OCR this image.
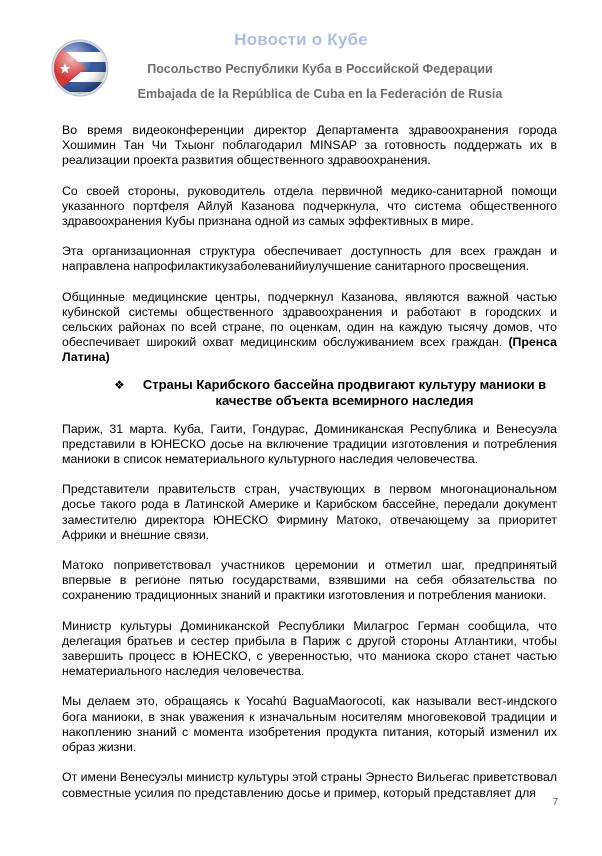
Новости о Кубе
Посольство Республики Куба в Российской Федерации
Embajada de la República de Cuba en la Federación de Rusia

Во время видеоконференции директор Департамента здравоохранения города Хошимин Тан Чи Тхыонг поблагодарил MINSAP за готовность поддержать их в реализации проекта развития общественного здравоохранения.

Со своей стороны, руководитель отдела первичной медико-санитарной помощи указанного портфеля Айлуй Казанова подчеркнула, что система общественного здравоохранения Кубы признана одной из самых эффективных в мире.

Эта организационная структура обеспечивает доступность для всех граждан и направлена напрофилактикузаболеванийиулучшение санитарного просвещения.

Общинные медицинские центры, подчеркнул Казанова, являются важной частью кубинской системы общественного здравоохранения и работают в городских и сельских районах по всей стране, по оценкам, один на каждую тысячу домов, что обеспечивает широкий охват медицинским обслуживанием всех граждан. (Пренса Латина)

❖	Страны Карибского бассейна продвигают культуру маниоки в качестве объекта всемирного наследия

Париж, 31 марта. Куба, Гаити, Гондурас, Доминиканская Республика и Венесуэла представили в ЮНЕСКО досье на включение традиции изготовления и потребления маниоки в список нематериального культурного наследия человечества.

Представители правительств стран, участвующих в первом многонациональном досье такого рода в Латинской Америке и Карибском бассейне, передали документ заместителю директора ЮНЕСКО Фирмину Матоко, отвечающему за приоритет Африки и внешние связи.

Матоко поприветствовал участников церемонии и отметил шаг, предпринятый впервые в регионе пятью государствами, взявшими на себя обязательства по сохранению традиционных знаний и практики изготовления и потребления маниоки.

Министр культуры Доминиканской Республики Милагрос Герман сообщила, что делегация братьев и сестер прибыла в Париж с другой стороны Атлантики, чтобы завершить процесс в ЮНЕСКО, с уверенностью, что маниока скоро станет частью нематериального наследия человечества.

Мы делаем это, обращаясь к Yocahú BaguaMaorocoti, как называли вест-индского бога маниоки, в знак уважения к изначальным носителям многовековой традиции и накоплению знаний с момента изобретения продукта питания, который изменил их образ жизни.

От имени Венесуэлы министр культуры этой страны Эрнесто Вильегас приветствовал совместные усилия по представлению досье и пример, который представляет для

7
